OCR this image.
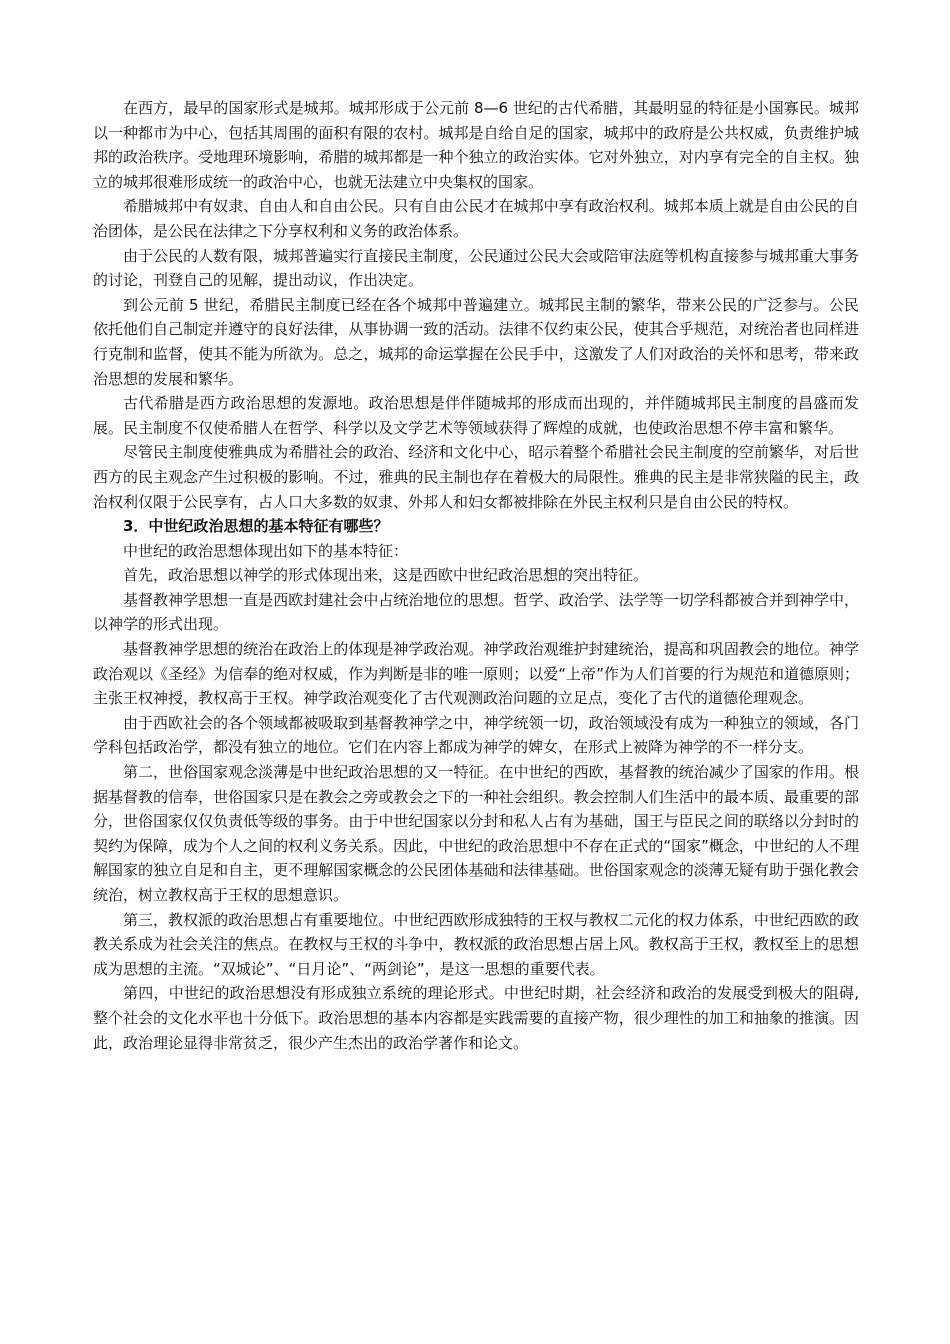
在西方，最早的国家形式是城邦。城邦形成于公元前 8—6 世纪的古代希腊，其最明显的特征是小国寡民。城邦以一种都市为中心，包括其周围的面积有限的农村。城邦是自给自足的国家，城邦中的政府是公共权威，负责维护城邦的政治秩序。受地理环境影响，希腊的城邦都是一种个独立的政治实体。它对外独立，对内享有完全的自主权。独立的城邦很难形成统一的政治中心，也就无法建立中央集权的国家。

希腊城邦中有奴隶、自由人和自由公民。只有自由公民才在城邦中享有政治权利。城邦本质上就是自由公民的自治团体，是公民在法律之下分享权利和义务的政治体系。

由于公民的人数有限，城邦普遍实行直接民主制度，公民通过公民大会或陪审法庭等机构直接参与城邦重大事务的讨论，刊登自己的见解，提出动议，作出决定。

到公元前 5 世纪，希腊民主制度已经在各个城邦中普遍建立。城邦民主制的繁华，带来公民的广泛参与。公民依托他们自己制定并遵守的良好法律，从事协调一致的活动。法律不仅约束公民，使其合乎规范，对统治者也同样进行克制和监督，使其不能为所欲为。总之，城邦的命运掌握在公民手中，这激发了人们对政治的关怀和思考，带来政治思想的发展和繁华。

古代希腊是西方政治思想的发源地。政治思想是伴伴随城邦的形成而出现的，并伴随城邦民主制度的昌盛而发展。民主制度不仅使希腊人在哲学、科学以及文学艺术等领域获得了辉煌的成就，也使政治思想不停丰富和繁华。

尽管民主制度使雅典成为希腊社会的政治、经济和文化中心，昭示着整个希腊社会民主制度的空前繁华，对后世西方的民主观念产生过积极的影响。不过，雅典的民主制也存在着极大的局限性。雅典的民主是非常狭隘的民主，政治权利仅限于公民享有，占人口大多数的奴隶、外邦人和妇女都被排除在外民主权利只是自由公民的特权。

3．中世纪政治思想的基本特征有哪些？

中世纪的政治思想体现出如下的基本特征：

首先，政治思想以神学的形式体现出来，这是西欧中世纪政治思想的突出特征。

基督教神学思想一直是西欧封建社会中占统治地位的思想。哲学、政治学、法学等一切学科都被合并到神学中，以神学的形式出现。

基督教神学思想的统治在政治上的体现是神学政治观。神学政治观维护封建统治，提高和巩固教会的地位。神学政治观以《圣经》为信奉的绝对权威，作为判断是非的唯一原则；以爱“上帝”作为人们首要的行为规范和道德原则；主张王权神授，教权高于王权。神学政治观变化了古代观测政治问题的立足点，变化了古代的道德伦理观念。

由于西欧社会的各个领域都被吸取到基督教神学之中，神学统领一切，政治领域没有成为一种独立的领域，各门学科包括政治学，都没有独立的地位。它们在内容上都成为神学的婢女，在形式上被降为神学的不一样分支。

第二，世俗国家观念淡薄是中世纪政治思想的又一特征。在中世纪的西欧，基督教的统治减少了国家的作用。根据基督教的信奉，世俗国家只是在教会之旁或教会之下的一种社会组织。教会控制人们生活中的最本质、最重要的部分，世俗国家仅仅负责低等级的事务。由于中世纪国家以分封和私人占有为基础，国王与臣民之间的联络以分封时的契约为保障，成为个人之间的权利义务关系。因此，中世纪的政治思想中不存在正式的“国家”概念，中世纪的人不理解国家的独立自足和自主，更不理解国家概念的公民团体基础和法律基础。世俗国家观念的淡薄无疑有助于强化教会统治，树立教权高于王权的思想意识。

第三，教权派的政治思想占有重要地位。中世纪西欧形成独特的王权与教权二元化的权力体系，中世纪西欧的政教关系成为社会关注的焦点。在教权与王权的斗争中，教权派的政治思想占居上风。教权高于王权，教权至上的思想成为思想的主流。“双城论”、“日月论”、“两剑论”，是这一思想的重要代表。

第四，中世纪的政治思想没有形成独立系统的理论形式。中世纪时期，社会经济和政治的发展受到极大的阻碍,整个社会的文化水平也十分低下。政治思想的基本内容都是实践需要的直接产物，很少理性的加工和抽象的推演。因此，政治理论显得非常贫乏，很少产生杰出的政治学著作和论文。
